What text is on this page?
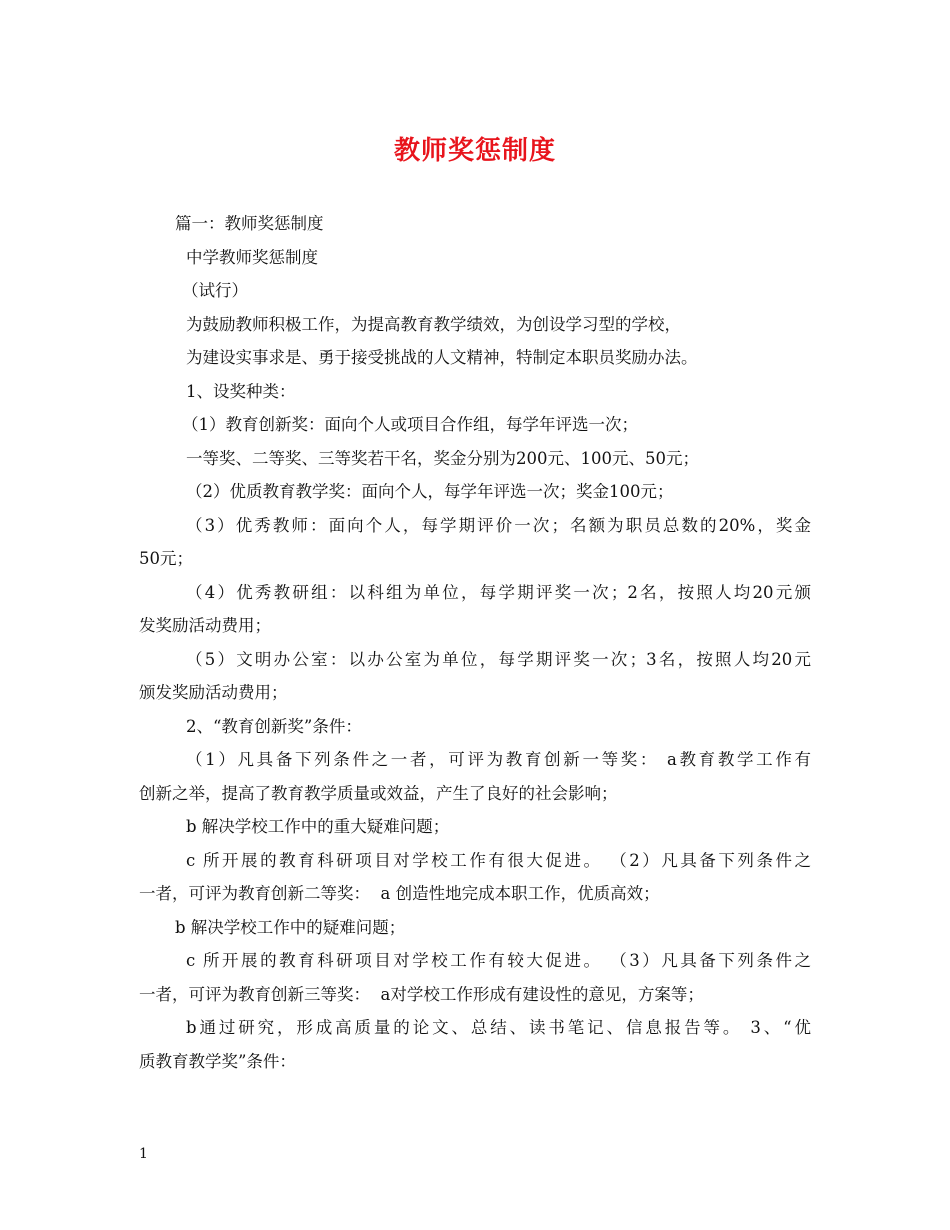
教师奖惩制度
篇一：教师奖惩制度
中学教师奖惩制度
（试行）
为鼓励教师积极工作，为提高教育教学绩效，为创设学习型的学校，
为建设实事求是、勇于接受挑战的人文精神，特制定本职员奖励办法。
1、设奖种类：
（1）教育创新奖：面向个人或项目合作组，每学年评选一次；
一等奖、二等奖、三等奖若干名，奖金分别为200元、100元、50元；
（2）优质教育教学奖：面向个人，每学年评选一次；奖金100元；
（3）优秀教师：面向个人，每学期评价一次；名额为职员总数的20%，奖金
50元；
（4）优秀教研组：以科组为单位，每学期评奖一次；2名，按照人均20元颁
发奖励活动费用；
（5）文明办公室：以办公室为单位，每学期评奖一次；3名，按照人均20元
颁发奖励活动费用；
2、“教育创新奖”条件：
（1）凡具备下列条件之一者，可评为教育创新一等奖： a教育教学工作有
创新之举，提高了教育教学质量或效益，产生了良好的社会影响；
b 解决学校工作中的重大疑难问题；
c 所开展的教育科研项目对学校工作有很大促进。 （2）凡具备下列条件之
一者，可评为教育创新二等奖：  a 创造性地完成本职工作，优质高效；
b 解决学校工作中的疑难问题；
c 所开展的教育科研项目对学校工作有较大促进。 （3）凡具备下列条件之
一者，可评为教育创新三等奖：  a对学校工作形成有建设性的意见，方案等；
b通过研究，形成高质量的论文、总结、读书笔记、信息报告等。 3、“优
质教育教学奖”条件：
1
